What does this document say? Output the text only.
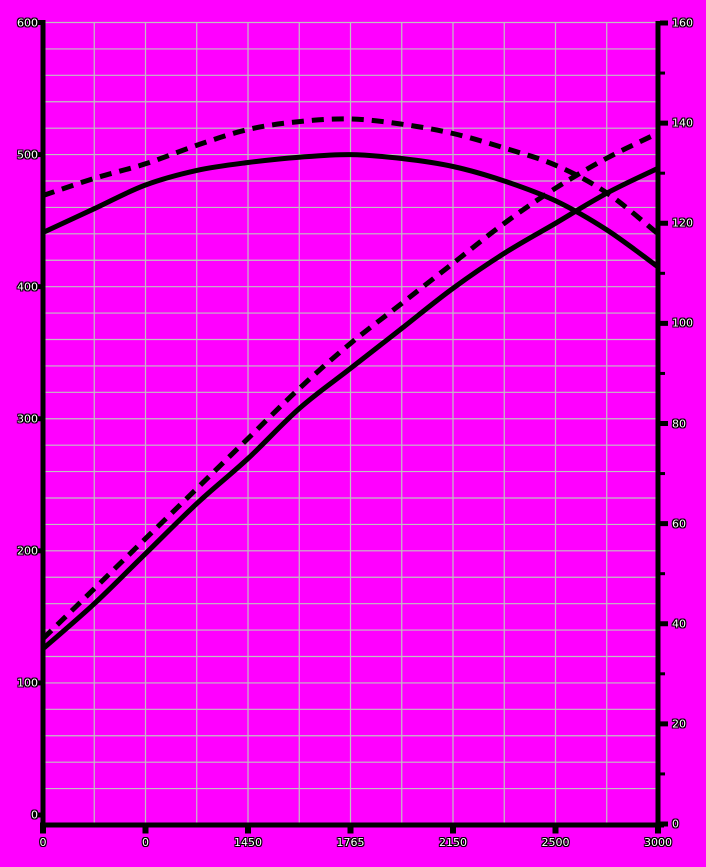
0
100
200
300
400
500
600
0
20
40
60
80
100
120
140
160
0	0	1450	1765	2150	2500	3000
